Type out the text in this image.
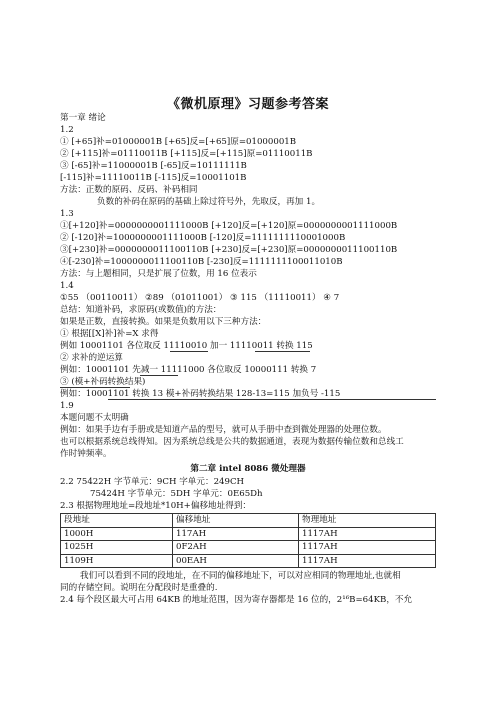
《微机原理》习题参考答案
第一章 绪论
1.2
① [+65]补=01000001B [+65]反=[+65]原=01000001B
② [+115]补=01110011B [+115]反=[+115]原=01110011B
③ [-65]补=11000001B [-65]反=10111111B
[-115]补=11110011B [-115]反=10001101B
方法：正数的原码、反码、补码相同
负数的补码在原码的基础上除过符号外，先取反，再加 1。
1.3
①[+120]补=0000000001111000B [+120]反=[+120]原=0000000001111000B
② [-120]补=1000000001111000B [-120]反=1111111110001000B
③[+230]补=0000000011100110B [+230]反=[+230]原=0000000011100110B
④[-230]补=1000000011100110B [-230]反=1111111100011010B
方法：与上题相同，只是扩展了位数，用 16 位表示
1.4
①55 （00110011） ②89 （01011001） ③ 115 （11110011） ④ 7
总结：知道补码，求原码(或数值)的方法：
如果是正数，直接转换。如果是负数用以下三种方法：
① 根据[[X]补]补=X 求得
例如 10001101 各位取反 11110010 加一 11110011 转换 115
② 求补的逆运算
例如：10001101 先减一 11111000 各位取反 10000111 转换 7
③ (模+补码转换结果)
例如：10001101 转换 13 模+补码转换结果 128-13=115 加负号 -115
1.9
本题问题不太明确
例如：如果手边有手册或是知道产品的型号，就可从手册中查到微处理器的处理位数。
也可以根据系统总线得知。因为系统总线是公共的数据通道，表现为数据传输位数和总线工
作时钟频率。
第二章 intel 8086 微处理器
2.2 75422H 字节单元：9CH 字单元：249CH
75424H 字节单元：5DH 字单元：0E65Dh
2.3 根据物理地址=段地址*10H+偏移地址得到：
段地址	偏移地址	物理地址
1000H	117AH	1117AH
1025H	0F2AH	1117AH
1109H	00EAH	1117AH
我们可以看到不同的段地址，在不同的偏移地址下，可以对应相同的物理地址,也就相
同的存储空间。说明在分配段时是重叠的.
2.4 每个段区最大可占用 64KB 的地址范围，因为寄存器都是 16 位的，2¹⁶B=64KB，不允
